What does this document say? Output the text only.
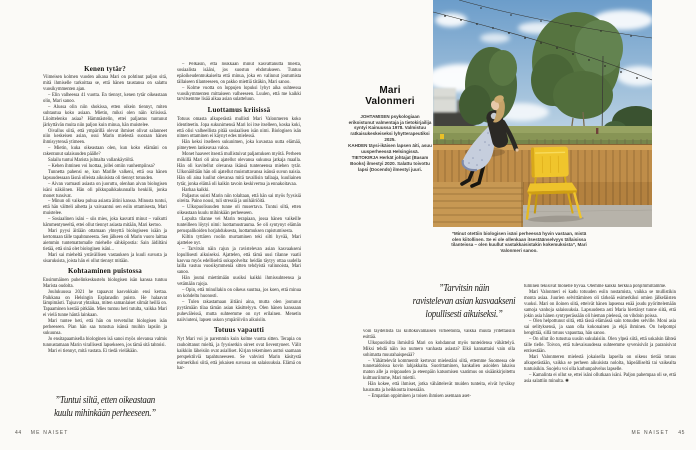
Kenen tytär?

Viimeisen kolmen vuoden aikana Mari on pohtinut paljon sitä, mitä ihmiselle tarkoittaa se, että hänen taustansa on salattu vuosikymmenten ajan.

– Elin valheessa 41 vuotta. En tiennyt, kenen tytär oikeastaan olin, Mari sanoo.

– Alussa olin niin shokissa, etten oikein tiennyt, miten suhtautua koko asiaan. Mietin, miksi olen näin kriisissä. Liioittelenko asiaa? Hämmästelin, ettei paljastus tuntunut järkyttävän muita niin paljon kuin minua, hän muistelee.

Oivallus siitä, että ympärillä olevat ihmiset olivat salanneet niin keskeisen asian, osui Marin mielestä suoraan hänen ihmisyytensä ytimeen.

– Mietin, kuka oikeastaan olen, kun koko elämäni on rakentunut salaisuuden päälle?

Salailu tuntui Marista julmalta vallankäytöltä.

– Kehen ihminen voi luottaa, jollei omiin vanhempiinsa?

Tunnetta pahensi se, kun Marille valkeni, että osa hänen lapsuudessaan läsnä olleista aikuisista oli tiennyt totuuden.

– Aivan varmasti asiasta on juoruttu, olenhan aivan biologisen isäni näköinen. Hän oli pikkupaikkakunnalla henkilö, jonka monet tunsivat.

– Minun oli vaikea puhua asiasta äitini kanssa. Minusta tuntui, että hän vältteli aihetta ja vaivaantui sen esiin ottamisesta, Mari muistelee.

– Sosiaalinen isäni – siis mies, joka kasvatti minut – vaikutti hämmentyneeltä, ettei ollut tiennyt asiasta mitään, Mari kertoo.

Mari pyysi äitiään ottamaan yhteyttä biologiseen isään ja kertomaan tälle tapahtuneesta. Sen jälkeen oli Marin vuoro laittaa aiemmin tuntemattomalle miehelle sähköpostia: Sain äidiltäni tietää, että sinä olet biologinen isäni...

Mari sai mieheltä ystävällisen vastauksen ja kuuli suvusta ja sisaruksista, joista hän ei ollut tiennyt mitään.

Kohtaaminen puistossa

Ensimmäinen puhelinkeskustelu biologisen isän kanssa tuntuu Marista oudolta.

Joulukuussa 2021 he tapaavat kasvokkain ensi kertaa. Paikkana on Helsingin Esplanadin puisto. He halaavat lämpimästi. Tajuavat yhtaikaa, miten samanlaiset silmät heillä on. Tapaaminen kestää pitkään. Mies tuntuu heti tutulta, vaikka Mari ei vielä tunne häntä lainkaan.

Mari tuntee heti, että hän on tervetullut biologisen isän perheeseen. Pian hän saa tutustua isänsä muihin lapsiin ja sukuunsa.

Jo ensitapaamisella biologinen isä sanoi myös olevansa valmis tunnustamaan Marin virallisesti lapsekseen, jos tämä sitä tahtoisi.

Mari ei tiennyt, mitä vastata. Ei tiedä vieläkään.

– Pelkäsin, että loukkaan minut kasvattanutta miestä, sosiaalista isääni, jos suostun ehdotukseen. Tuntuu epäoikeudenmukaiselta että minua, joka en valinnut joutumista tällaiseen tilanteeseen, on pakko miettiä tätäkin, Mari sanoo.

– Kolme vuotta on loppujen lopuksi lyhyt aika suhteessa vuosikymmenten mittaiseen valheeseen. Luulen, että me kaikki tarvitsemme lisää aikaa asian sulatteluun.

Luottamus kriisissä

Totuus omasta alkuperästä mullisti Mari Valonmeren koko identiteetin. Jopa sukunimensä Mari loi itse itselleen, koska koki, että olisi valheellista pitää sosiaalisen isän nimi. Biologisen isän nimen ottaminen ei käynyt edes mielessä.

Hän keksi itselleen sukunimen, joka kuvastaa uutta elämää, pimeyteen lankeavaa valoa.

Monet haaveet itsestä mullistuivat paljastuksen myötä. Perheen mökillä Mari oli aina ajatellut olevansa sukunsa jatkaja maalla. Hän oli kuvitellut olevansa ikänsä tunteneensa miehen tytär. Ulkonäöltään hän oli ajatellut muistuttavansa isänsä suvun naisia. Hän oli aina luullut olevansa mitä tavallisin tallaaja, kuuliainen tytär, jonka elämä oli kaikin tavoin keskivertoa ja ennakoitavaa.

Harhaa kaikki.

Paljastus suisti Marin niin tolaltaan, että hän sai myös fyysisiä oireita. Paino nousi, tuli stressiä ja unihäiriöitä.

– Ulkopuolisuuden tunne oli musertava. Tuntui siltä, etten oikeastaan kuulu mihinkään perheeseen.

Lopulta tilanne vei Marin terapiaan, jossa hänen vaikeille tunteilleen löytyi nimi: luottamustrauma. Se oli syntynyt elämän peruspalikoiden horjahduksesta, luottamuksen rapistumisesta.

Kiltin tyttären roolin murtaminen teki silti hyvää, Mari ajattelee nyt.

– Tarvitsin näin rajun ja ravistelevan asian kasvaakseni lopullisesti aikuiseksi. Ajattelen, että tämä uusi tilanne vaatii kasvua myös edelliseltä sukupolvelta: heidän täytyy ottaa uudella lailla vastuu vuosikymmeniä sitten tehdyistä valinnoista, Mari sanoo.

Hän joutui miettimään uusiksi kaikki ihmissuhteensa ja vetämään rajoja.

– Opin, että minullakin on oikeus suuttua, jos koen, että minua on kohdeltu huonosti.

– Tulen rakastamaan äitiäni aina, mutta olen joutunut pyytämään tilaa tämän asian käsittelyyn. Olen hänen kanssaan puheväleissä, mutta suhteemme on nyt erilainen. Menetin naiiviuteni, lapsen uskon ympäröiviin aikuisiin.

Totuus vapautti

Nyt Mari voi jo paremmin kuin kolme vuotta sitten. Terapia on rauhoittanut mieltä, ja fyysisetkin oireet ovat lieventyneet. Välit kaikkiin läheisiin ovat asialliset. Kirjan tekeminen auttoi saamaan perspektiiviä tapahtuneeseen. Se vahvisti Marin käsitystä esimerkiksi siitä, että jokaisen suvussa on salaisuuksia. Elämä on har-

”Tuntui siltä, etten oikeastaan
kuulu mihinkään perheeseen.”
44 ME NAISET
Mari
Valonmeri

JOHTAMISEN psykologiaan erikoistunut valmentaja ja tietokirjailija syntyi Kainuussa 1978. Valmistuu ratkaisukeskeiseksi lyhytterapeutiksi 2025.

KAHDEN täysi-ikäisen lapsen äiti, asuu uusperheessä Helsingissä.

TIETOKIRJA Herkät johtajat (Basam Books) ilmestyi 2020. Salattu toivottu lapsi (Docendo) ilmestyi juuri.

”Minut otettiin biologisen isäni perheessä hyvin vastaan, mistä olen kiitollinen. Se ei ole ollenkaan itsestäänselvyys tällaisissa tilanteissa – olen kuullut vastakkaisistakin kokemuksista”, Mari Valonmeri sanoo.
”Tarvitsin näin
ravistelevan asian kasvaakseni
lopullisesti aikuiseksi.”

voin täydellistä tai kiiltokuvamaisen virheetöntä, vaikka muuta yritettäisiin esittää.

Ulkopuolisilta ihmisiltä Mari on kohdannut myös tunteidensa vähättelyä. Miksi tehdä näin iso numero vanhasta asiasta? Eikö kannattaisi vain olla sohimatta muurahaispesää?

– Vähättelevät kommentit kertovat mielestäni siitä, ettemme Suomessa ole tunnetaidoissa kovin lahjakkaita. Suorittaminen, hankalien asioiden lakaisu maton alle ja reippauden ja eteenpäin katsomisen vaatimus on sisäänkirjoitettu kulttuuriimme, Mari miettii.

Hän kokee, että ihmiset, jotka vähättelevät muiden tunteita, eivät hyväksy haurautta ja heikkoutta itsessään.

– Empatian oppiminen ja toisen ihmisen asemaan aset-

tuminen tekisivät monelle hyvää. Olemme kaikki herkkiä pohjimmiltamme.

Mari Valonmeri ei kadu totuuden esiin nostamista, vaikka se mullistikin monta asiaa. Juurien selvittäminen oli tärkeää esimerkiksi omien jälkeläisten vuoksi. Mari on iloinen siitä, etteivät hänen lapsensa enää joudu pyörittelemään samoja vanhoja salaisuuksia. Lapsuudesta asti Maria hiertänyt tunne siitä, että jokin asia hänen syntyperässään oli hieman pielessä, on vihdoin poissa.

– Olen helpottunut siitä, että tässä elämässä sain totuuden selville. Moni asia sai selityksensä, ja saan olla kokonainen ja ehjä ihminen. On helpompi hengittää, sillä totuus vapauttaa, hän sanoo.

– On ollut ilo tutustua uusiin sukulaisiin. Olen ylpeä siitä, että uskalsin lähteä tälle tielle. Toivon, että tulevaisuudessa suhteemme syvenisivät ja paranisivat entisestään.

Mari Valonmeren mielestä jokaisella lapsella on oikeus tietää totuus alkuperästään, vaikka se perheen aikuisista nololta, häpeälliseltä tai vaikealta tuntuisikin. Suojelu voi olla karhunpalvelus lapselle.

– Kamalinta ei ollut se, ettei isäni ollutkaan isäni. Paljon pahempaa oli se, että asia salattiin minulta. ✺

ME NAISET 45
